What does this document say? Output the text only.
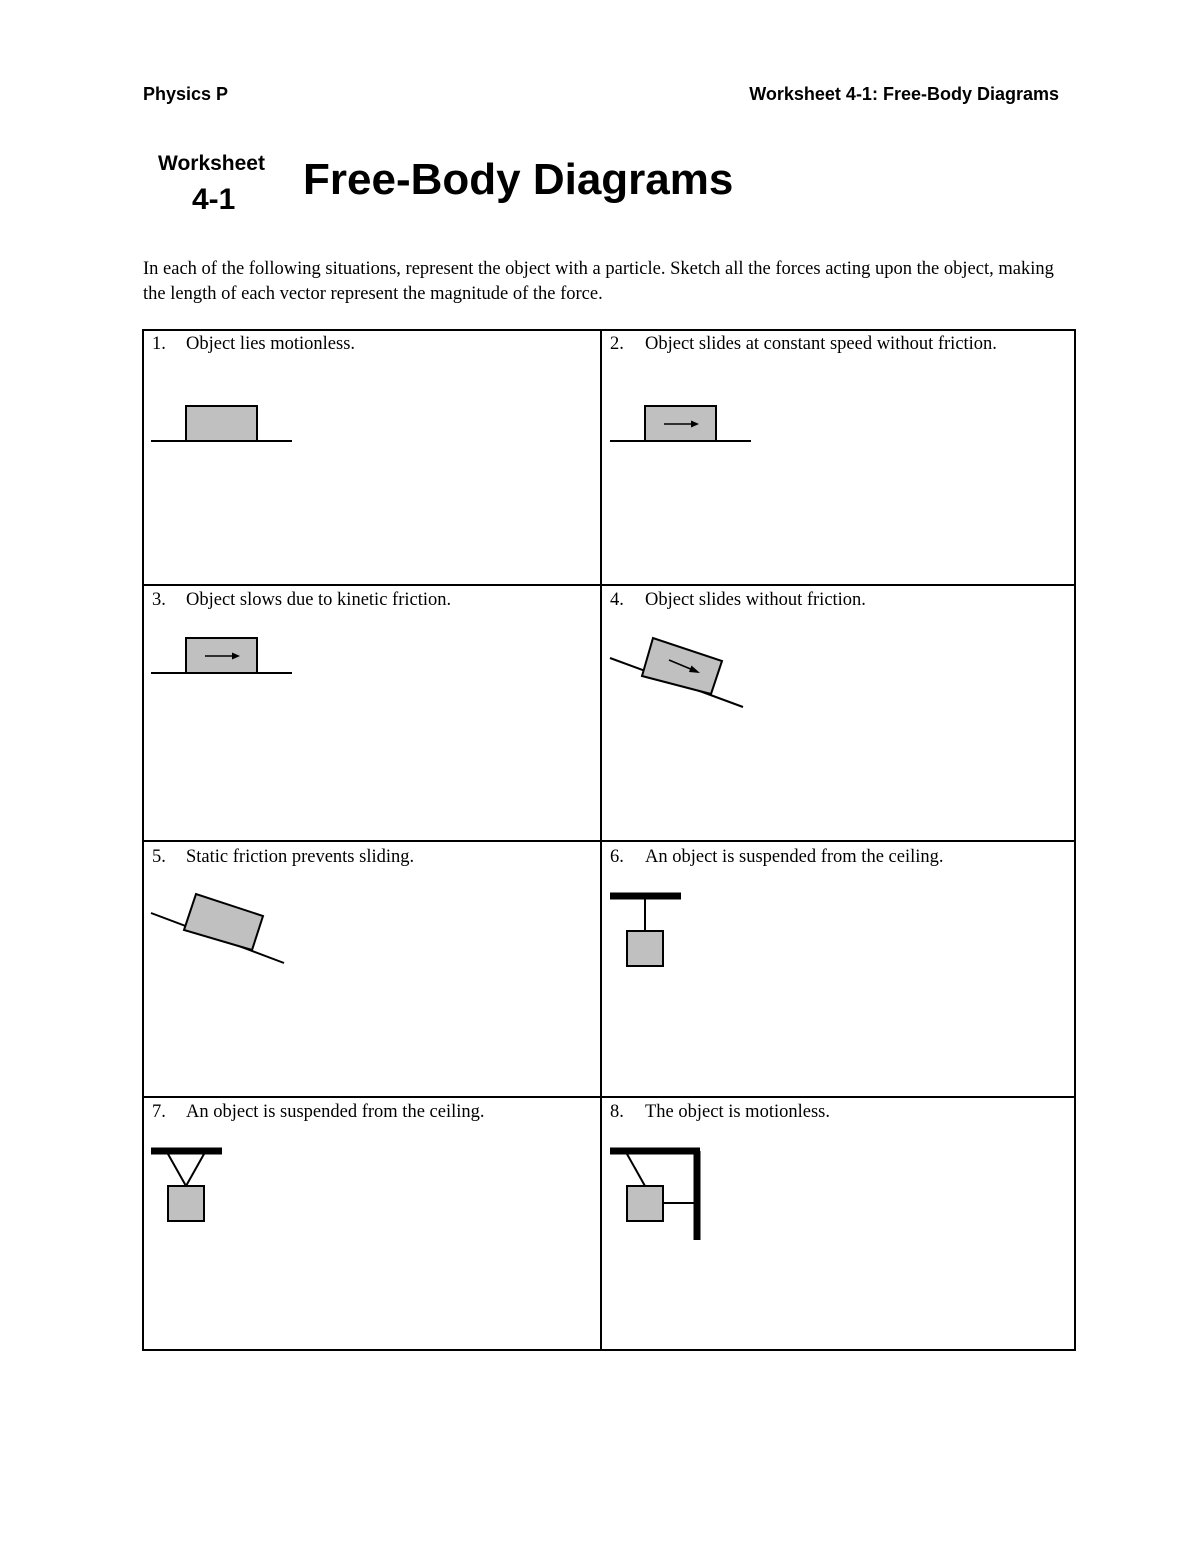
Physics P	Worksheet 4-1: Free-Body Diagrams
Worksheet
4-1 Free-Body Diagrams
In each of the following situations, represent the object with a particle. Sketch all the forces acting upon the object, making the length of each vector represent the magnitude of the force.
1. Object lies motionless.	2. Object slides at constant speed without friction.
3. Object slows due to kinetic friction.	4. Object slides without friction.
5. Static friction prevents sliding.	6. An object is suspended from the ceiling.
7. An object is suspended from the ceiling.	8. The object is motionless.
